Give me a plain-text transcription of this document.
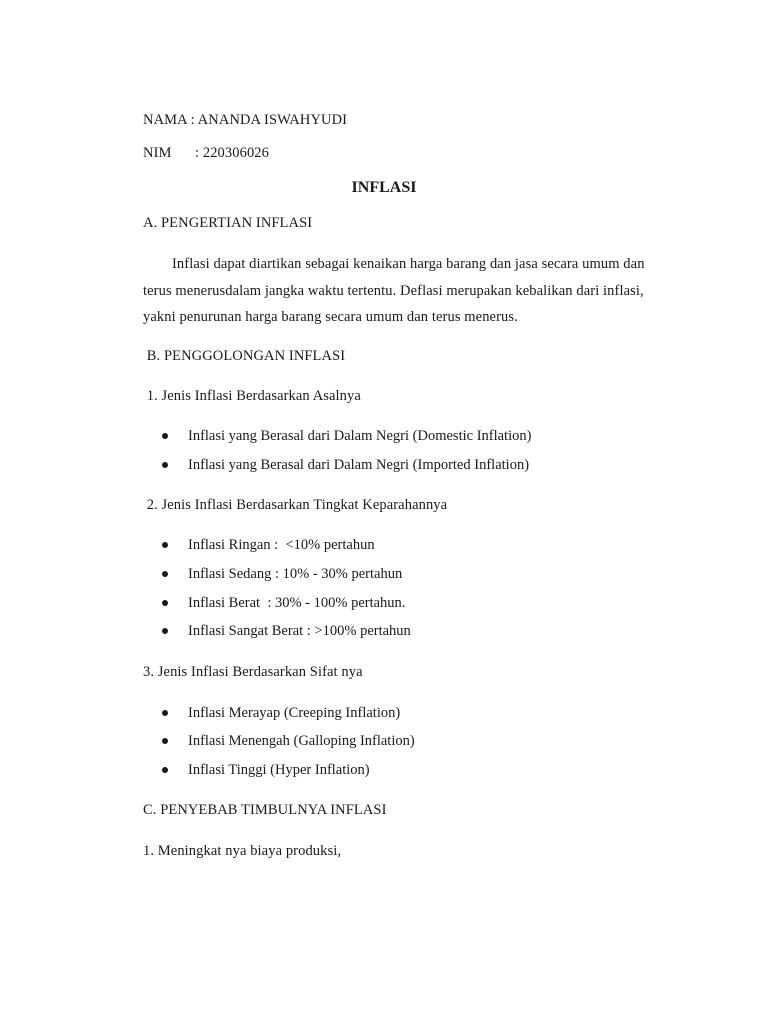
NAMA : ANANDA ISWAHYUDI
NIM : 220306026
INFLASI
A. PENGERTIAN INFLASI
Inflasi dapat diartikan sebagai kenaikan harga barang dan jasa secara umum dan
terus menerusdalam jangka waktu tertentu. Deflasi merupakan kebalikan dari inflasi,
yakni penurunan harga barang secara umum dan terus menerus.
B. PENGGOLONGAN INFLASI
1. Jenis Inflasi Berdasarkan Asalnya
Inflasi yang Berasal dari Dalam Negri (Domestic Inflation)
Inflasi yang Berasal dari Dalam Negri (Imported Inflation)
2. Jenis Inflasi Berdasarkan Tingkat Keparahannya
Inflasi Ringan :  <10% pertahun
Inflasi Sedang : 10% - 30% pertahun
Inflasi Berat  : 30% - 100% pertahun.
Inflasi Sangat Berat : >100% pertahun
3. Jenis Inflasi Berdasarkan Sifat nya
Inflasi Merayap (Creeping Inflation)
Inflasi Menengah (Galloping Inflation)
Inflasi Tinggi (Hyper Inflation)
C. PENYEBAB TIMBULNYA INFLASI
1. Meningkat nya biaya produksi,
